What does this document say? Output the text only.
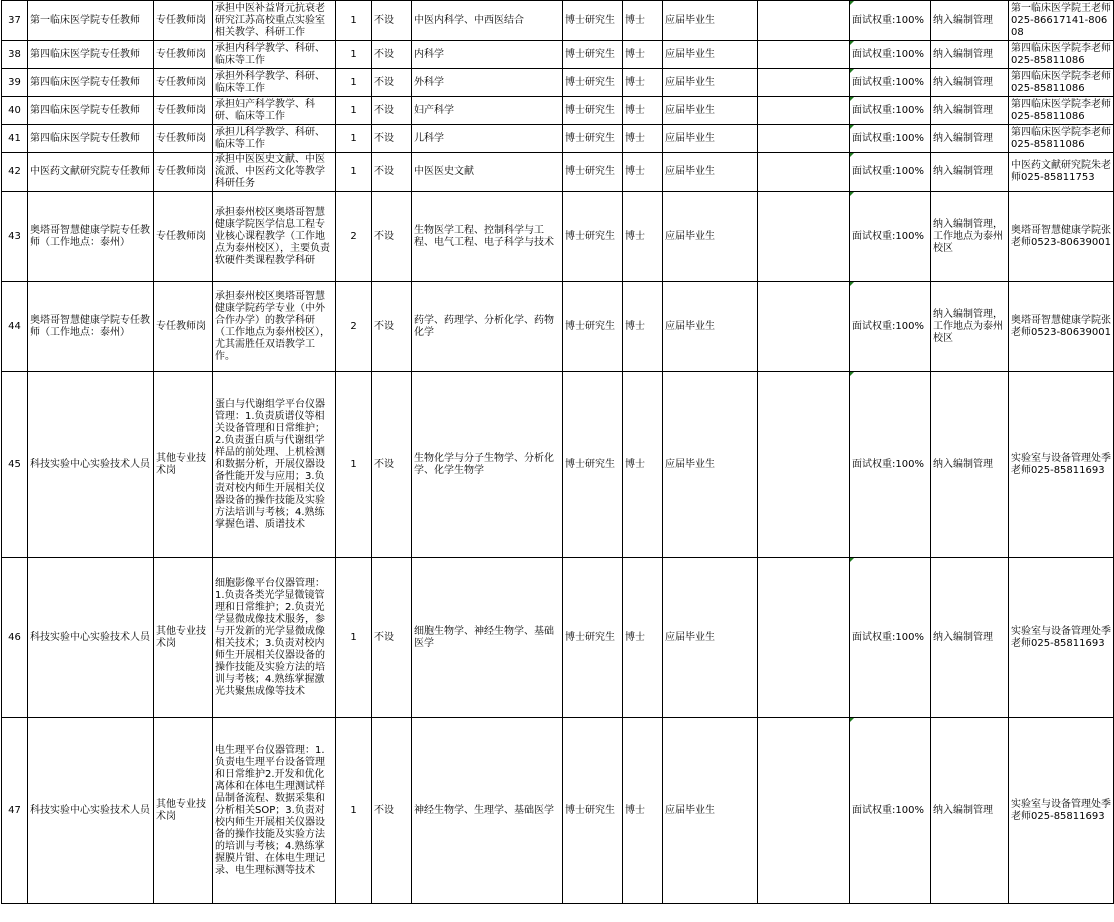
37	第一临床医学院专任教师	专任教师岗	承担中医补益肾元抗衰老研究江苏高校重点实验室相关教学、科研工作	1	不设	中医内科学、中西医结合	博士研究生	博士	应届毕业生		面试权重:100%	纳入编制管理	第一临床医学院王老师025-86617141-80608
38	第四临床医学院专任教师	专任教师岗	承担内科学教学、科研、临床等工作	1	不设	内科学	博士研究生	博士	应届毕业生		面试权重:100%	纳入编制管理	第四临床医学院李老师025-85811086
39	第四临床医学院专任教师	专任教师岗	承担外科学教学、科研、临床等工作	1	不设	外科学	博士研究生	博士	应届毕业生		面试权重:100%	纳入编制管理	第四临床医学院李老师025-85811086
40	第四临床医学院专任教师	专任教师岗	承担妇产科学教学、科研、临床等工作	1	不设	妇产科学	博士研究生	博士	应届毕业生		面试权重:100%	纳入编制管理	第四临床医学院李老师025-85811086
41	第四临床医学院专任教师	专任教师岗	承担儿科学教学、科研、临床等工作	1	不设	儿科学	博士研究生	博士	应届毕业生		面试权重:100%	纳入编制管理	第四临床医学院李老师025-85811086
42	中医药文献研究院专任教师	专任教师岗	承担中医医史文献、中医流派、中医药文化等教学科研任务	1	不设	中医医史文献	博士研究生	博士	应届毕业生		面试权重:100%	纳入编制管理	中医药文献研究院朱老师025-85811753
43	奥塔哥智慧健康学院专任教师（工作地点：泰州）	专任教师岗	承担泰州校区奥塔哥智慧健康学院医学信息工程专业核心课程教学（工作地点为泰州校区），主要负责软硬件类课程教学科研	2	不设	生物医学工程、控制科学与工程、电气工程、电子科学与技术	博士研究生	博士	应届毕业生		面试权重:100%	纳入编制管理，工作地点为泰州校区	奥塔哥智慧健康学院张老师0523-80639001
44	奥塔哥智慧健康学院专任教师（工作地点：泰州）	专任教师岗	承担泰州校区奥塔哥智慧健康学院药学专业（中外合作办学）的教学科研（工作地点为泰州校区），尤其需胜任双语教学工作。	2	不设	药学、药理学、分析化学、药物化学	博士研究生	博士	应届毕业生		面试权重:100%	纳入编制管理，工作地点为泰州校区	奥塔哥智慧健康学院张老师0523-80639001
45	科技实验中心实验技术人员	其他专业技术岗	蛋白与代谢组学平台仪器管理：1.负责质谱仪等相关设备管理和日常维护；2.负责蛋白质与代谢组学样品的前处理、上机检测和数据分析，开展仪器设备性能开发与应用；3.负责对校内师生开展相关仪器设备的操作技能及实验方法培训与考核；4.熟练掌握色谱、质谱技术	1	不设	生物化学与分子生物学、分析化学、化学生物学	博士研究生	博士	应届毕业生		面试权重:100%	纳入编制管理	实验室与设备管理处季老师025-85811693
46	科技实验中心实验技术人员	其他专业技术岗	细胞影像平台仪器管理：1.负责各类光学显微镜管理和日常维护；2.负责光学显微成像技术服务，参与开发新的光学显微成像相关技术；3.负责对校内师生开展相关仪器设备的操作技能及实验方法的培训与考核；4.熟练掌握激光共聚焦成像等技术	1	不设	细胞生物学、神经生物学、基础医学	博士研究生	博士	应届毕业生		面试权重:100%	纳入编制管理	实验室与设备管理处季老师025-85811693
47	科技实验中心实验技术人员	其他专业技术岗	电生理平台仪器管理：1.负责电生理平台设备管理和日常维护2.开发和优化离体和在体电生理测试样品制备流程、数据采集和分析相关SOP；3.负责对校内师生开展相关仪器设备的操作技能及实验方法的培训与考核；4.熟练掌握膜片钳、在体电生理记录、电生理标测等技术	1	不设	神经生物学、生理学、基础医学	博士研究生	博士	应届毕业生		面试权重:100%	纳入编制管理	实验室与设备管理处季老师025-85811693
